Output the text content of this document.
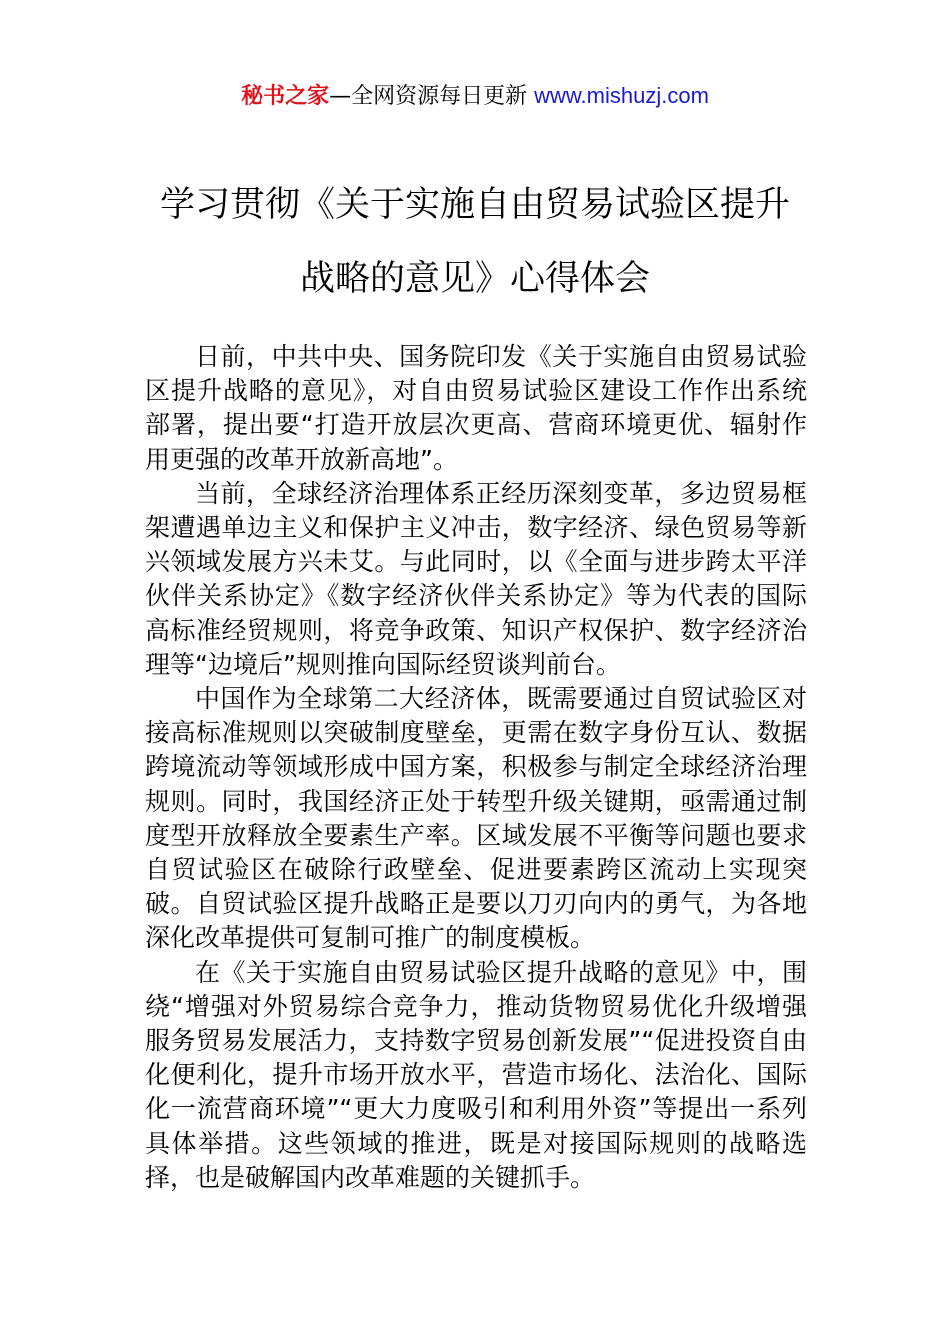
秘书之家—全网资源每日更新 www.mishuzj.com
学习贯彻《关于实施自由贸易试验区提升
战略的意见》心得体会

日前，中共中央、国务院印发《关于实施自由贸易试验区提升战略的意见》，对自由贸易试验区建设工作作出系统部署，提出要“打造开放层次更高、营商环境更优、辐射作用更强的改革开放新高地”。

当前，全球经济治理体系正经历深刻变革，多边贸易框架遭遇单边主义和保护主义冲击，数字经济、绿色贸易等新兴领域发展方兴未艾。与此同时，以《全面与进步跨太平洋伙伴关系协定》《数字经济伙伴关系协定》等为代表的国际高标准经贸规则，将竞争政策、知识产权保护、数字经济治理等“边境后”规则推向国际经贸谈判前台。

中国作为全球第二大经济体，既需要通过自贸试验区对接高标准规则以突破制度壁垒，更需在数字身份互认、数据跨境流动等领域形成中国方案，积极参与制定全球经济治理规则。同时，我国经济正处于转型升级关键期，亟需通过制度型开放释放全要素生产率。区域发展不平衡等问题也要求自贸试验区在破除行政壁垒、促进要素跨区流动上实现突破。自贸试验区提升战略正是要以刀刃向内的勇气，为各地深化改革提供可复制可推广的制度模板。

在《关于实施自由贸易试验区提升战略的意见》中，围绕“增强对外贸易综合竞争力，推动货物贸易优化升级增强服务贸易发展活力，支持数字贸易创新发展”“促进投资自由化便利化，提升市场开放水平，营造市场化、法治化、国际化一流营商环境”“更大力度吸引和利用外资”等提出一系列具体举措。这些领域的推进，既是对接国际规则的战略选择，也是破解国内改革难题的关键抓手。
